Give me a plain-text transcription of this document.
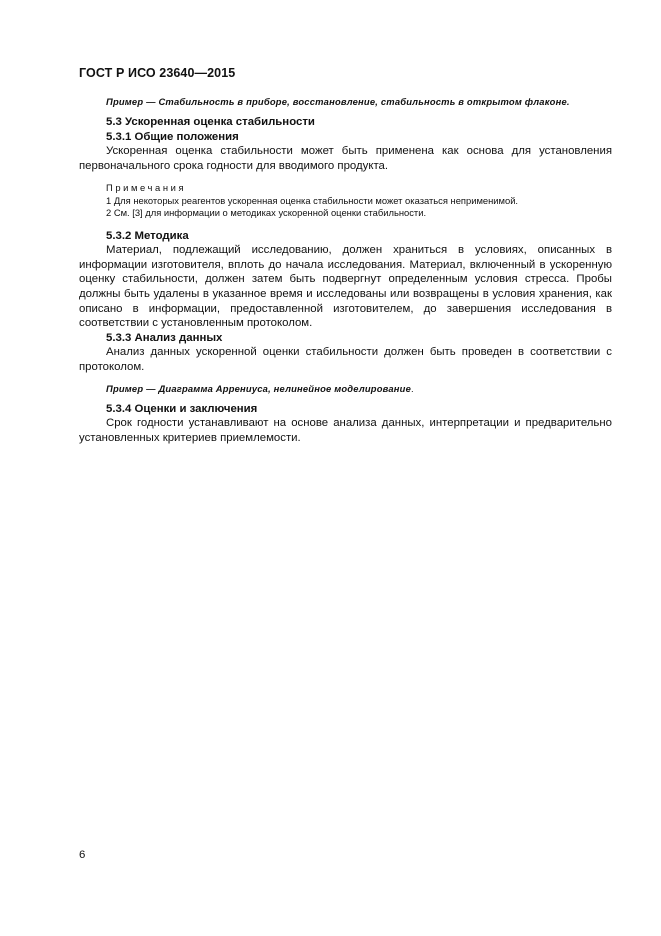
ГОСТ Р ИСО 23640—2015

Пример — Стабильность в приборе, восстановление, стабильность в открытом флаконе.

5.3 Ускоренная оценка стабильности

5.3.1 Общие положения

Ускоренная оценка стабильности может быть применена как основа для установления первоначального срока годности для вводимого продукта.

Примечания

1 Для некоторых реагентов ускоренная оценка стабильности может оказаться неприменимой.

2 См. [3] для информации о методиках ускоренной оценки стабильности.

5.3.2 Методика

Материал, подлежащий исследованию, должен храниться в условиях, описанных в информации изготовителя, вплоть до начала исследования. Материал, включенный в ускоренную оценку стабильности, должен затем быть подвергнут определенным условия стресса. Пробы должны быть удалены в указанное время и исследованы или возвращены в условия хранения, как описано в информации, предоставленной изготовителем, до завершения исследования в соответствии с установленным протоколом.

5.3.3 Анализ данных

Анализ данных ускоренной оценки стабильности должен быть проведен в соответствии с протоколом.

Пример — Диаграмма Аррениуса, нелинейное моделирование.

5.3.4 Оценки и заключения

Срок годности устанавливают на основе анализа данных, интерпретации и предварительно установленных критериев приемлемости.

6
